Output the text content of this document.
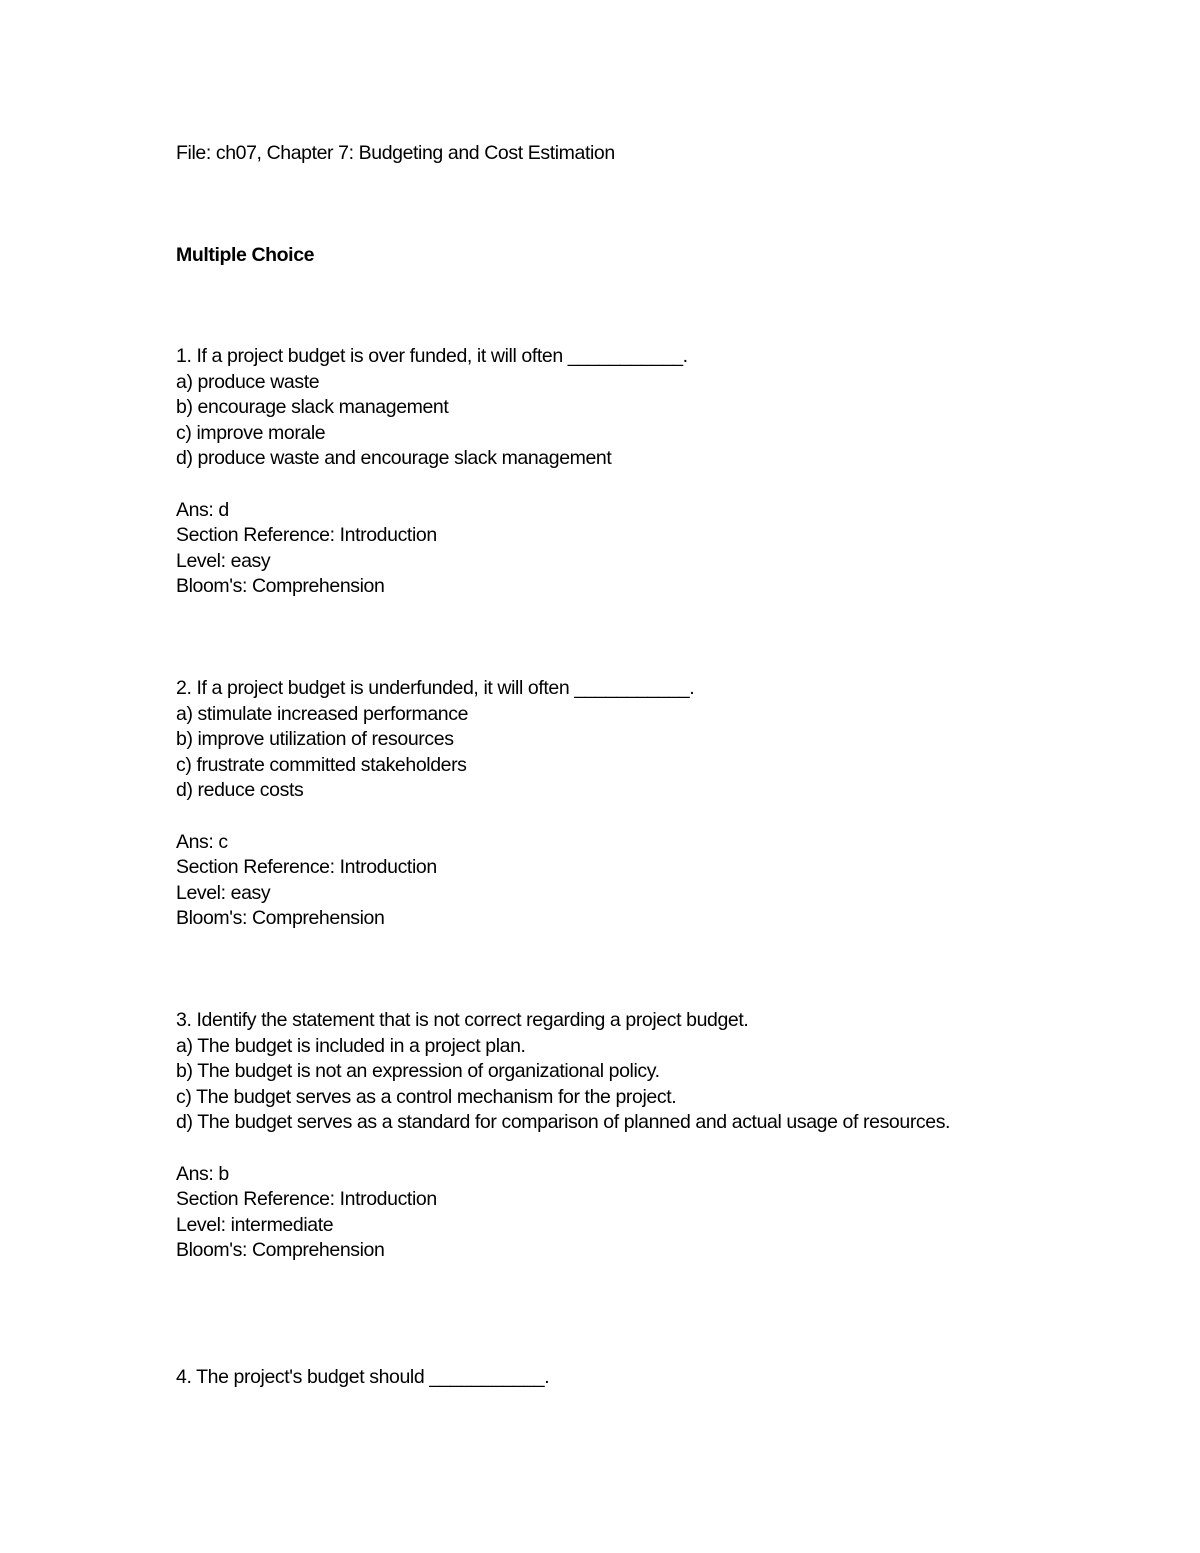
File: ch07, Chapter 7: Budgeting and Cost Estimation
Multiple Choice
1. If a project budget is over funded, it will often ___________.
a) produce waste
b) encourage slack management
c) improve morale
d) produce waste and encourage slack management
Ans: d
Section Reference: Introduction
Level: easy
Bloom's: Comprehension
2. If a project budget is underfunded, it will often ___________.
a) stimulate increased performance
b) improve utilization of resources
c) frustrate committed stakeholders
d) reduce costs
Ans: c
Section Reference: Introduction
Level: easy
Bloom's: Comprehension
3. Identify the statement that is not correct regarding a project budget.
a) The budget is included in a project plan.
b) The budget is not an expression of organizational policy.
c) The budget serves as a control mechanism for the project.
d) The budget serves as a standard for comparison of planned and actual usage of resources.
Ans: b
Section Reference: Introduction
Level: intermediate
Bloom's: Comprehension
4. The project's budget should ___________.
